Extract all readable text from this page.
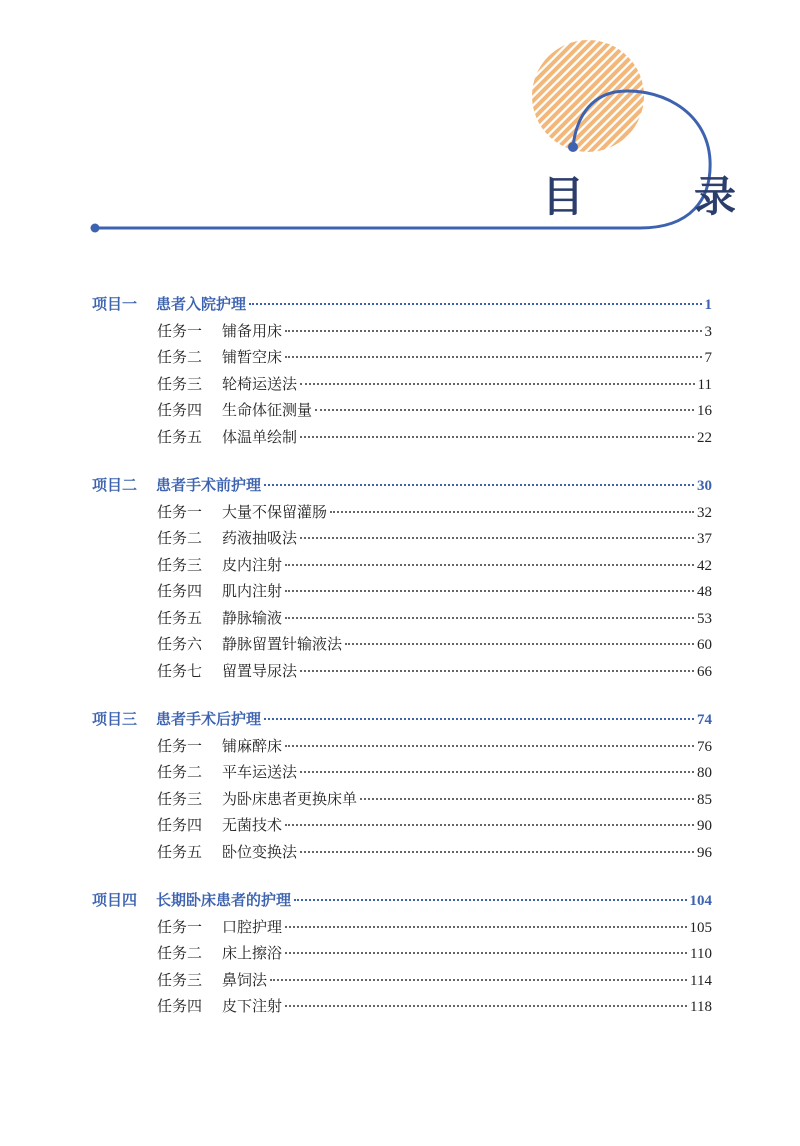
目　录
项目一	患者入院护理	1
任务一	铺备用床	3
任务二	铺暂空床	7
任务三	轮椅运送法	11
任务四	生命体征测量	16
任务五	体温单绘制	22
项目二	患者手术前护理	30
任务一	大量不保留灌肠	32
任务二	药液抽吸法	37
任务三	皮内注射	42
任务四	肌内注射	48
任务五	静脉输液	53
任务六	静脉留置针输液法	60
任务七	留置导尿法	66
项目三	患者手术后护理	74
任务一	铺麻醉床	76
任务二	平车运送法	80
任务三	为卧床患者更换床单	85
任务四	无菌技术	90
任务五	卧位变换法	96
项目四	长期卧床患者的护理	104
任务一	口腔护理	105
任务二	床上擦浴	110
任务三	鼻饲法	114
任务四	皮下注射	118
